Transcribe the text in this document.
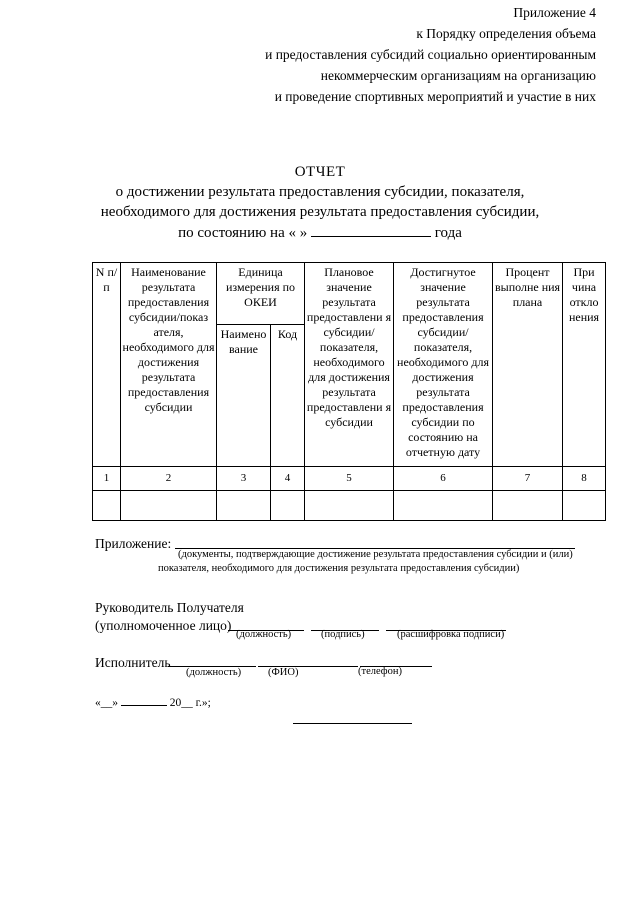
Приложение 4
к Порядку определения объема
и предоставления субсидий социально ориентированным
некоммерческим организациям на организацию
и проведение спортивных мероприятий и участие в них
ОТЧЕТ
о достижении результата предоставления субсидии, показателя,
необходимого для достижения результата предоставления субсидии,
по состоянию на « »	года
N п/п	Наименование результата предоставления субсидии/показ ателя, необходимого для достижения результата предоставления субсидии	Единица измерения по ОКЕИ		Плановое значение результата предоставлени я субсидии/ показателя, необходимого для достижения результата предоставлени я субсидии	Достигнутое значение результата предоставления субсидии/ показателя, необходимого для достижения результата предоставления субсидии по состоянию на отчетную дату	Процент выполне ния плана	При чина откло нения
		Наимено вание	Код				
1	2	3	4	5	6	7	8

Приложение:
(документы, подтверждающие достижение результата предоставления субсидии и (или)
показателя, необходимого для достижения результата предоставления субсидии)
Руководитель Получателя
(уполномоченное лицо)
(должность)	(подпись)	(расшифровка подписи)
Исполнитель
(должность)	(ФИО)	(телефон)
«__»	20__ г.»;
